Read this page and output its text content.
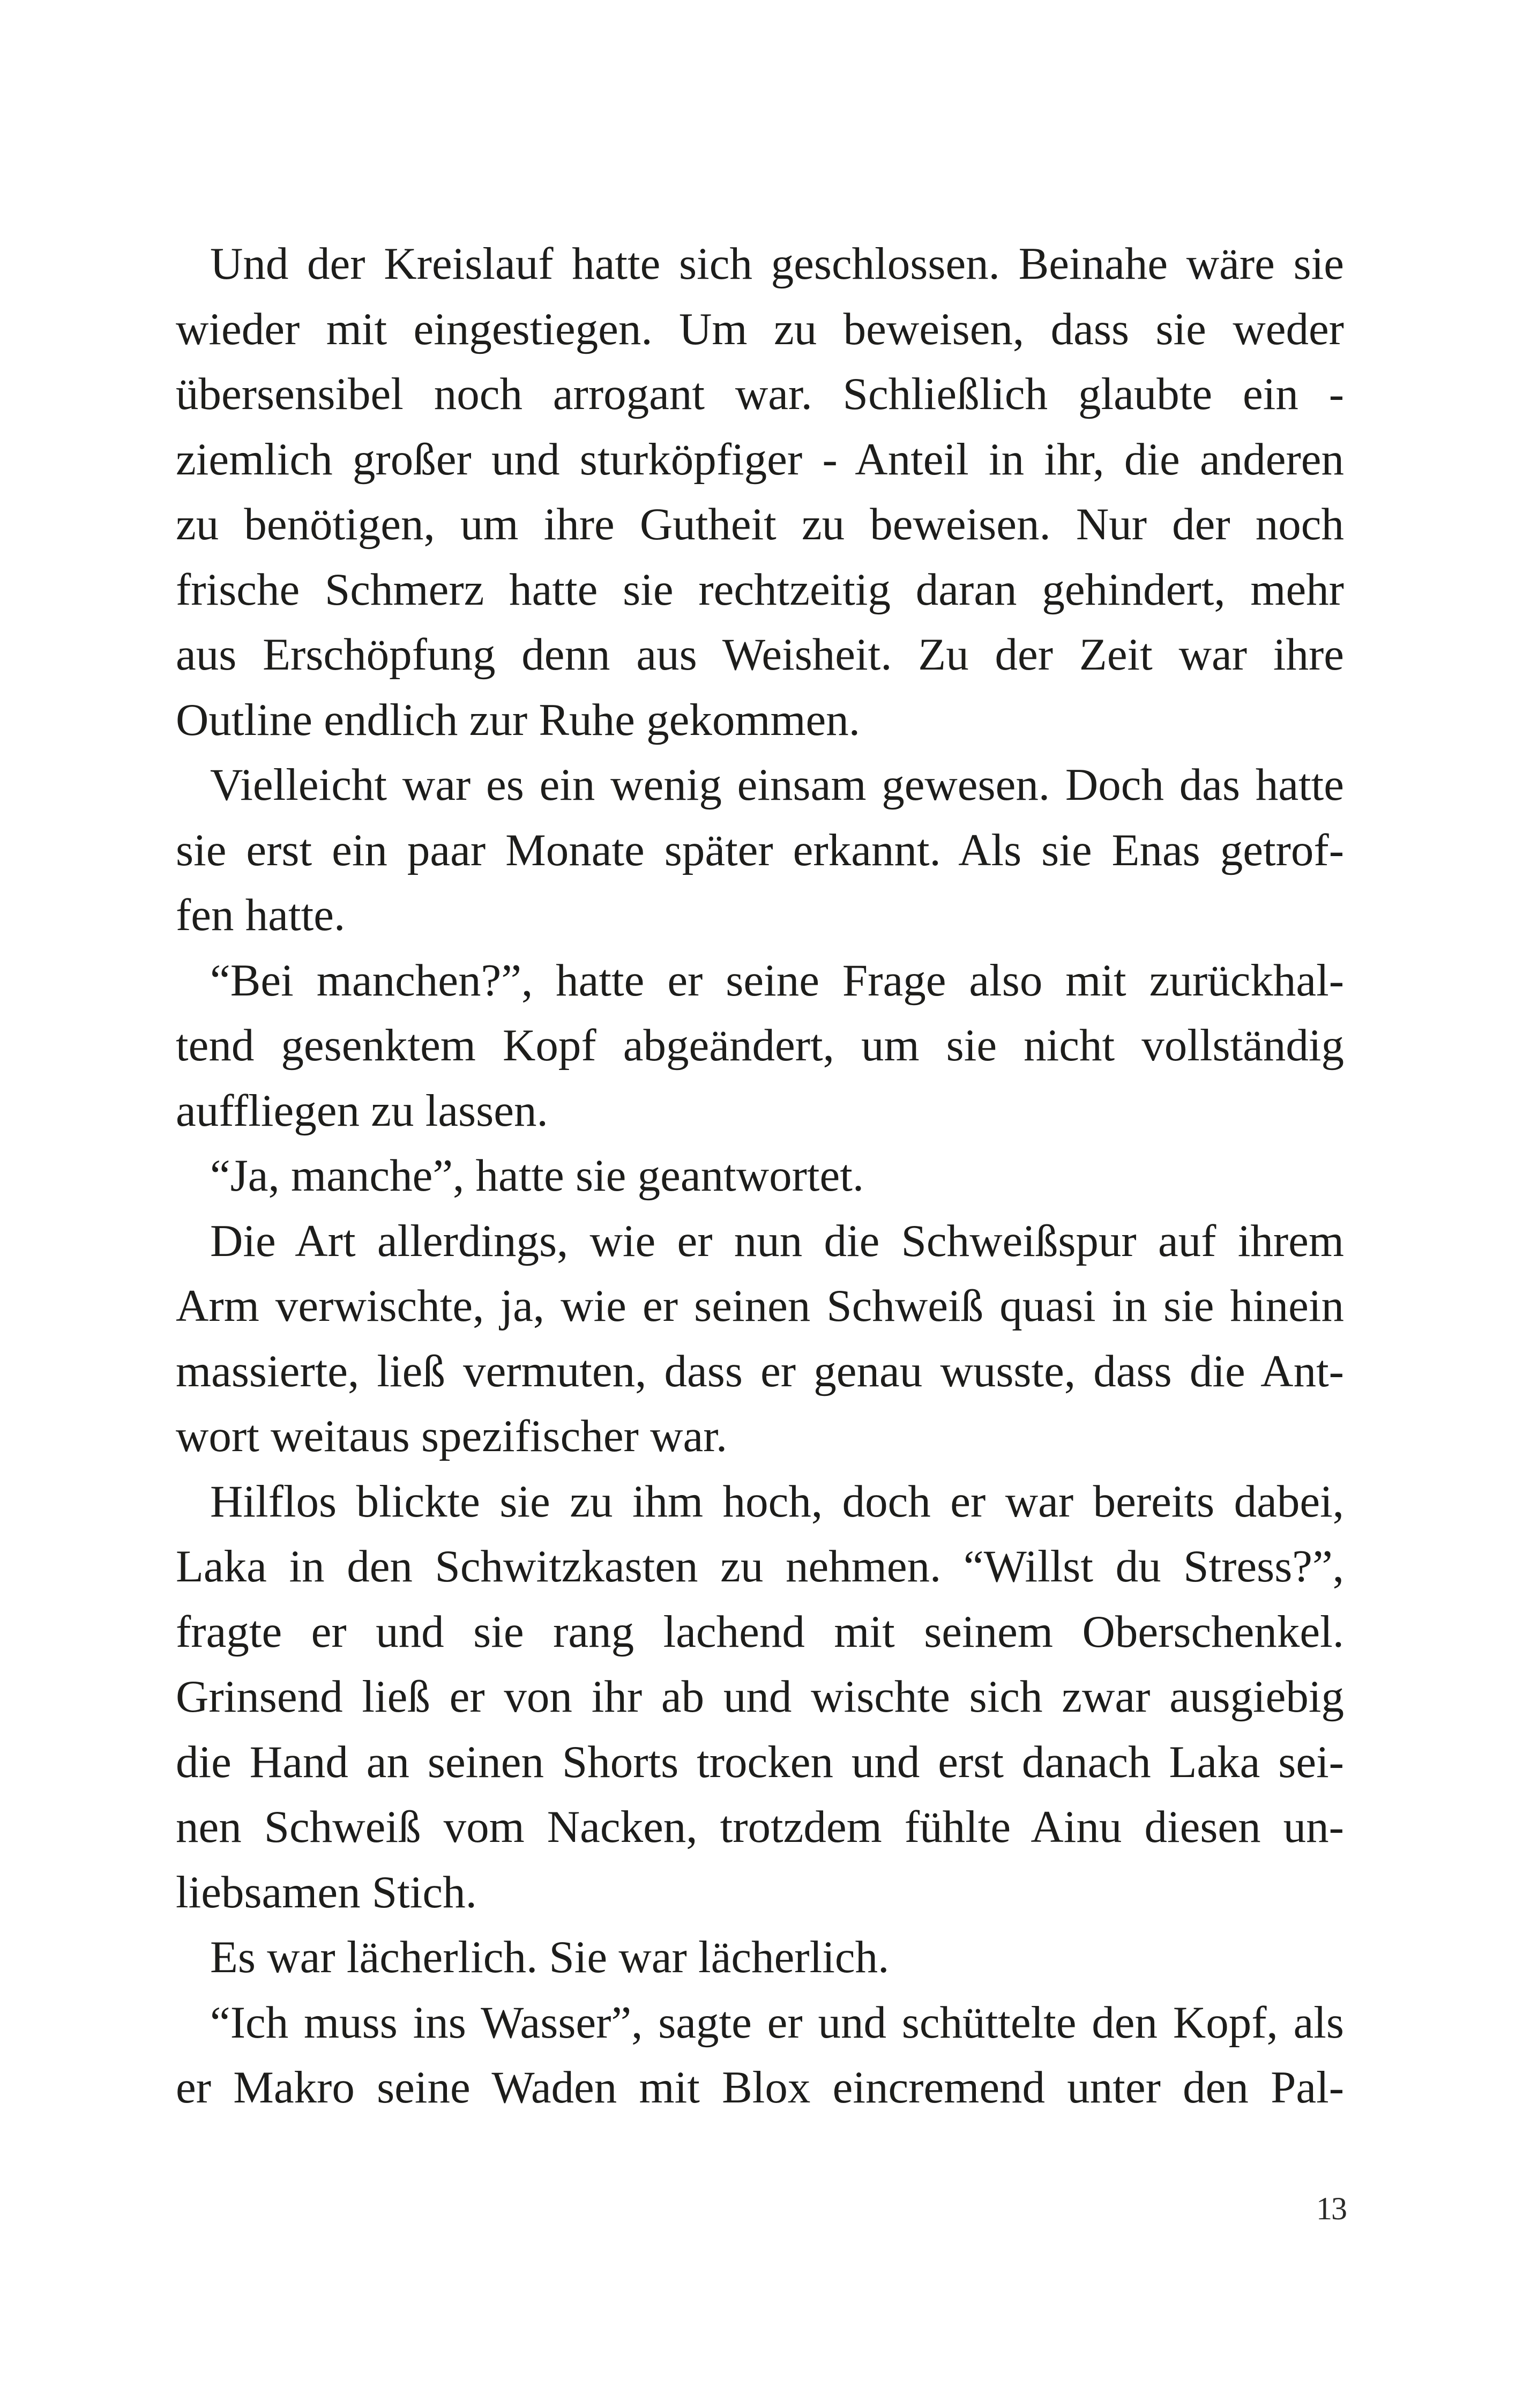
Und der Kreislauf hatte sich geschlossen. Beinahe wäre sie
wieder mit eingestiegen. Um zu beweisen, dass sie weder
übersensibel noch arrogant war. Schließlich glaubte ein -
ziemlich großer und sturköpfiger - Anteil in ihr, die anderen
zu benötigen, um ihre Gutheit zu beweisen. Nur der noch
frische Schmerz hatte sie rechtzeitig daran gehindert, mehr
aus Erschöpfung denn aus Weisheit. Zu der Zeit war ihre
Outline endlich zur Ruhe gekommen.
Vielleicht war es ein wenig einsam gewesen. Doch das hatte
sie erst ein paar Monate später erkannt. Als sie Enas getrof-
fen hatte.
“Bei manchen?”, hatte er seine Frage also mit zurückhal-
tend gesenktem Kopf abgeändert, um sie nicht vollständig
auffliegen zu lassen.
“Ja, manche”, hatte sie geantwortet.
Die Art allerdings, wie er nun die Schweißspur auf ihrem
Arm verwischte, ja, wie er seinen Schweiß quasi in sie hinein
massierte, ließ vermuten, dass er genau wusste, dass die Ant-
wort weitaus spezifischer war.
Hilflos blickte sie zu ihm hoch, doch er war bereits dabei,
Laka in den Schwitzkasten zu nehmen. “Willst du Stress?”,
fragte er und sie rang lachend mit seinem Oberschenkel.
Grinsend ließ er von ihr ab und wischte sich zwar ausgiebig
die Hand an seinen Shorts trocken und erst danach Laka sei-
nen Schweiß vom Nacken, trotzdem fühlte Ainu diesen un-
liebsamen Stich.
Es war lächerlich. Sie war lächerlich.
“Ich muss ins Wasser”, sagte er und schüttelte den Kopf, als
er Makro seine Waden mit Blox eincremend unter den Pal-
13
